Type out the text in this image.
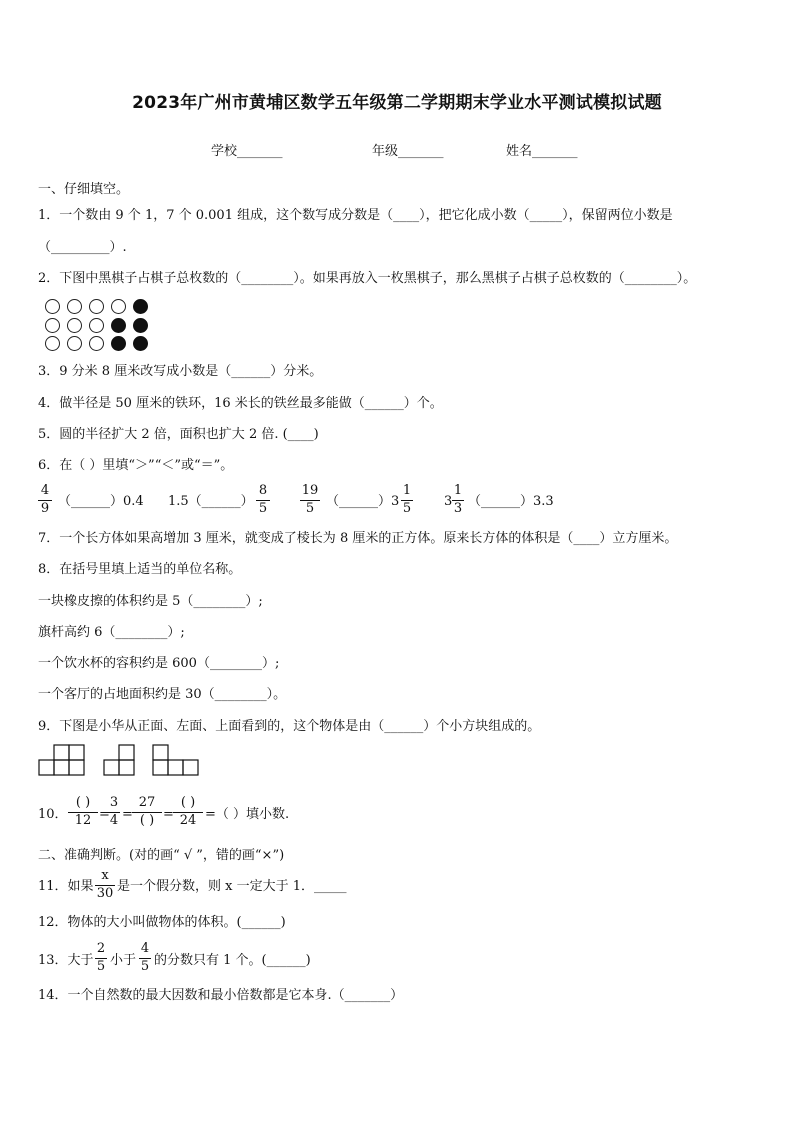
2023年广州市黄埔区数学五年级第二学期期末学业水平测试模拟试题
学校_______	年级_______	姓名_______
一、仔细填空。
1．一个数由 9 个 1，7 个 0.001 组成，这个数写成分数是（____），把它化成小数（_____），保留两位小数是
（_________）.
2．下图中黑棋子占棋子总枚数的（________）。如果再放入一枚黑棋子，那么黑棋子占棋子总枚数的（________）。
3．9 分米 8 厘米改写成小数是（______）分米。
4．做半径是 50 厘米的铁环，16 米长的铁丝最多能做（______）个。
5．圆的半径扩大 2 倍，面积也扩大 2 倍. (____)
6．在（ ）里填“＞”“＜”或“＝”。
4
9 （______）0.4 1.5（______）
8
5
19
5 （______）3
1
5	3
1
3 （______）3.3
7．一个长方体如果高增加 3 厘米，就变成了棱长为 8 厘米的正方体。原来长方体的体积是（____）立方厘米。
8．在括号里填上适当的单位名称。
一块橡皮擦的体积约是 5（________）;
旗杆高约 6（________）;
一个饮水杯的容积约是 600（________）;
一个客厅的占地面积约是 30（________）。
9．下图是小华从正面、左面、上面看到的，这个物体是由（______）个小方块组成的。
10．
( )
12 =
3
4 =
27
( ) =
( )
24 =（ ）填小数.
二、准确判断。(对的画“ √ ”，错的画“×”)
11．如果
x
30 是一个假分数，则 x 一定大于 1．_____
12．物体的大小叫做物体的体积。(______)
13．大于
2
5 小于
4
5 的分数只有 1 个。(______)
14．一个自然数的最大因数和最小倍数都是它本身.（_______）
